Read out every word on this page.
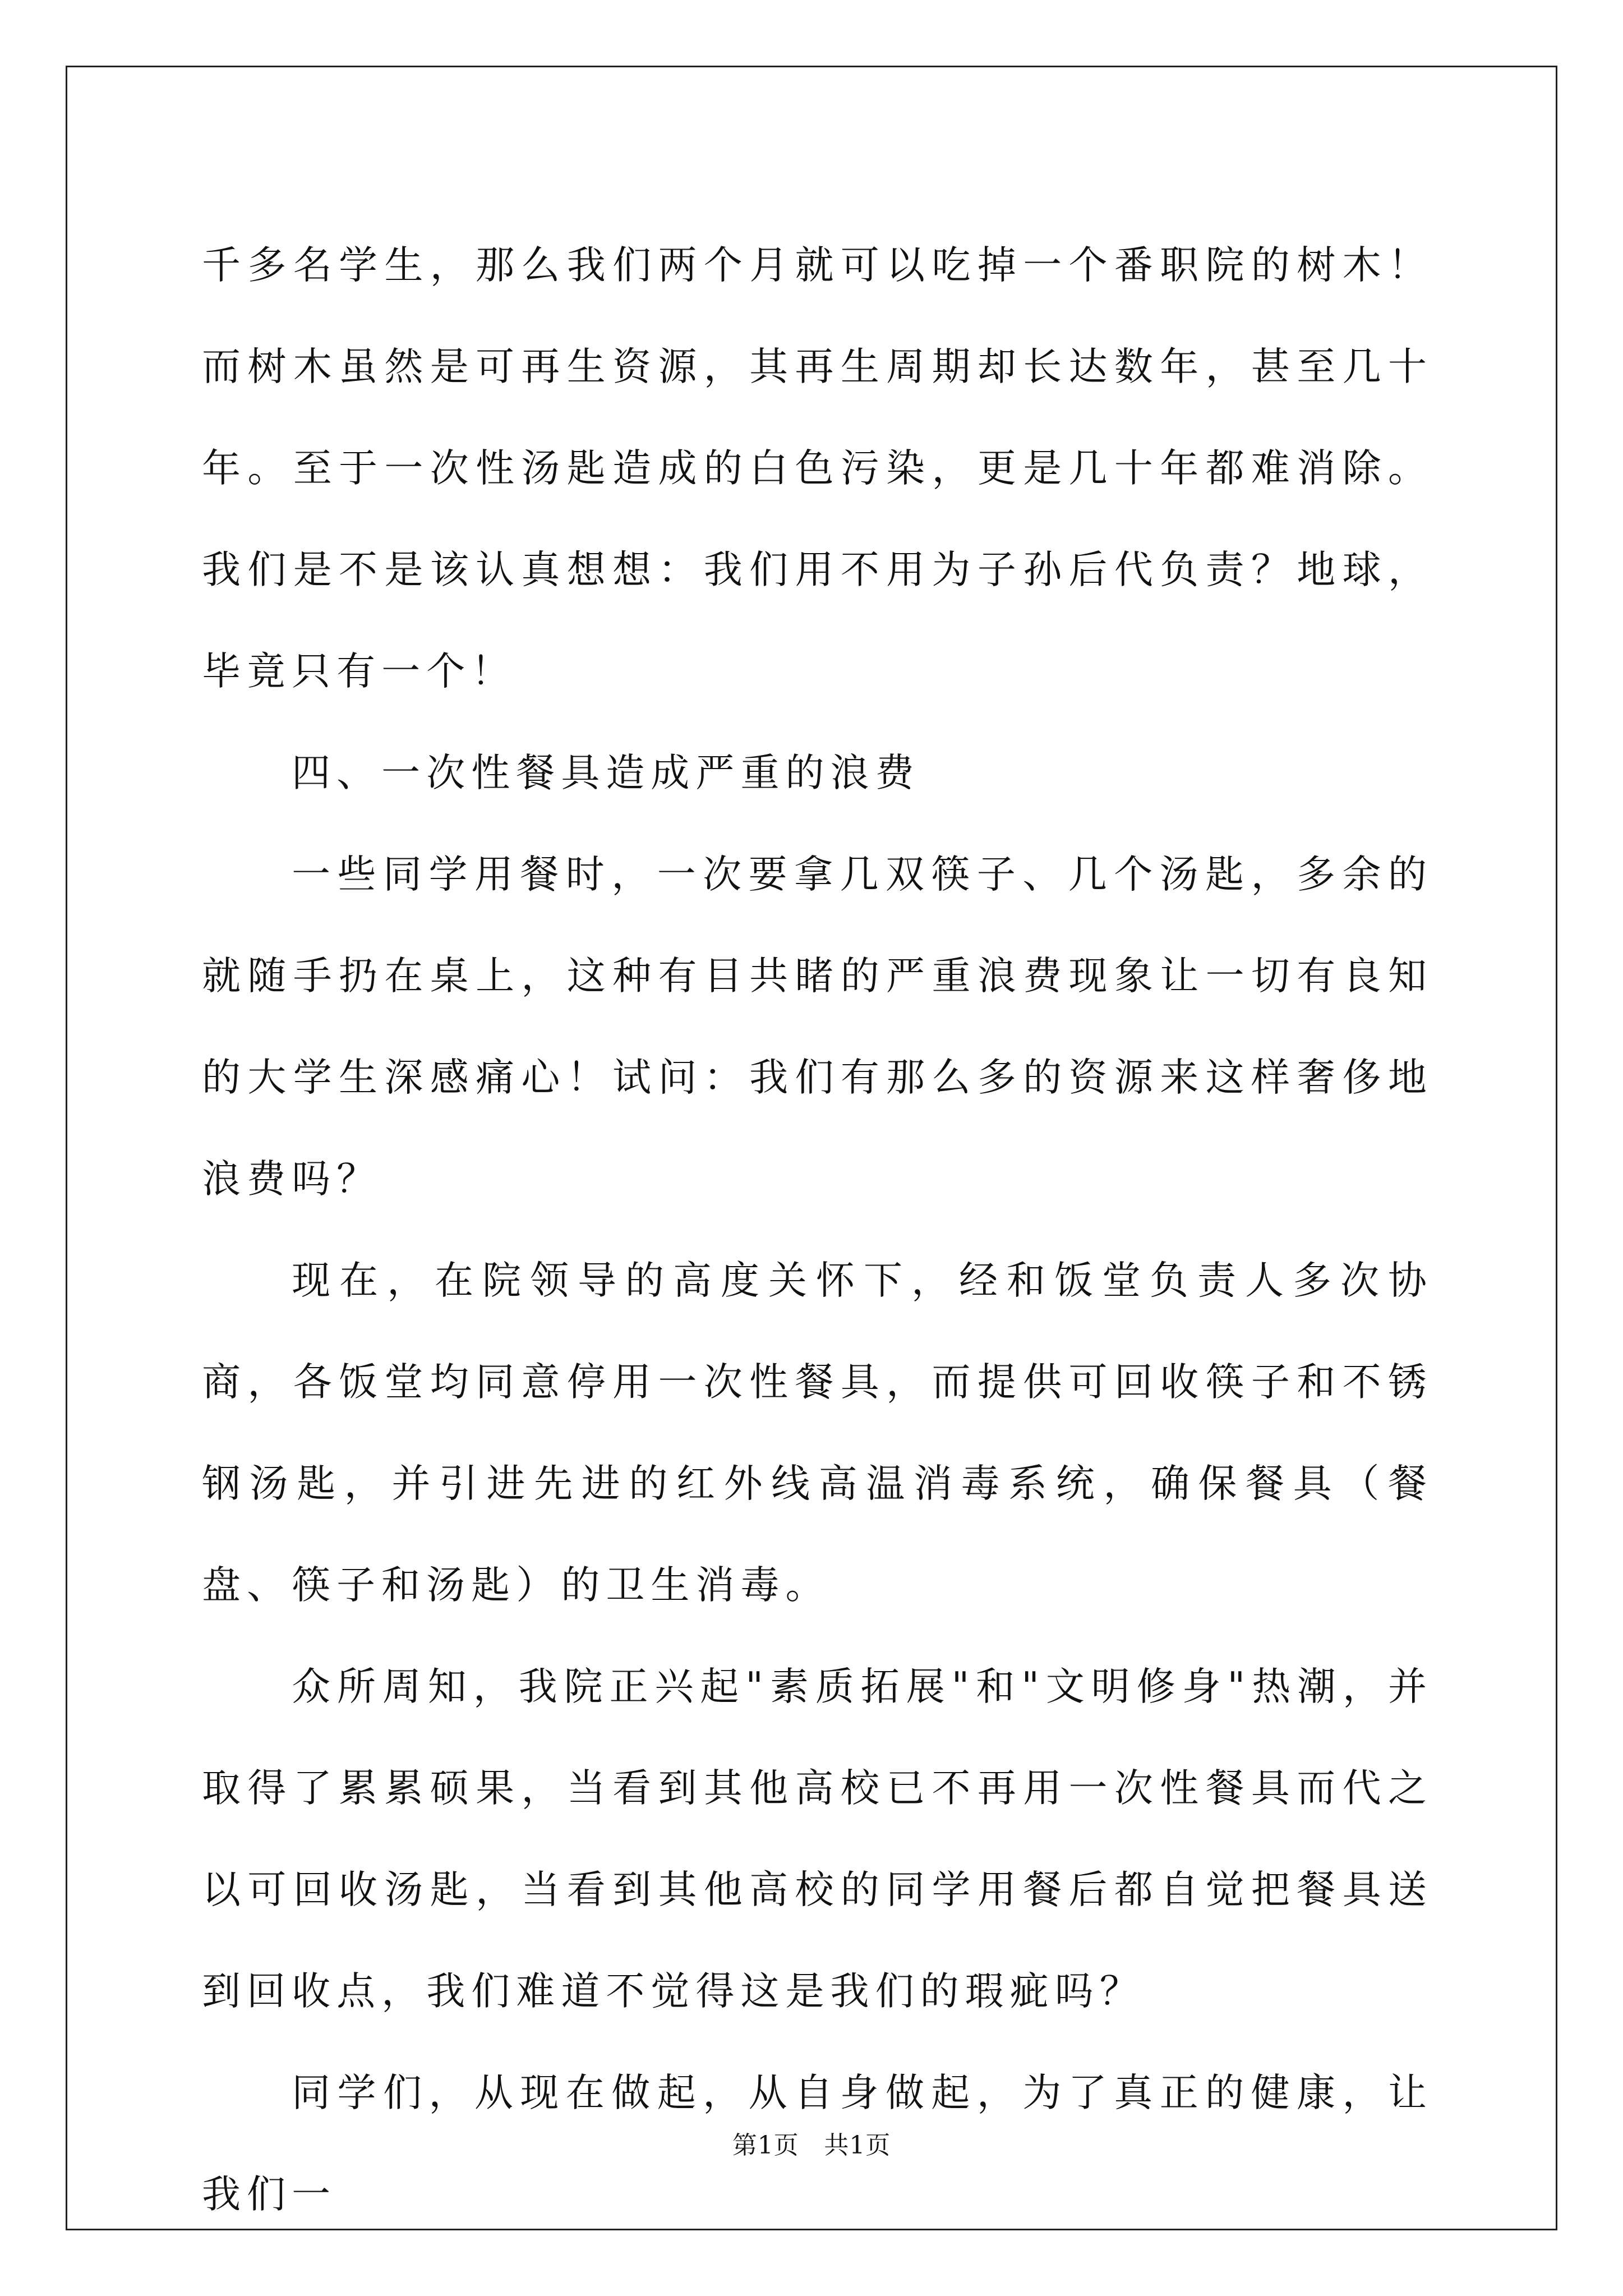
千多名学生，那么我们两个月就可以吃掉一个番职院的树木！而树木虽然是可再生资源，其再生周期却长达数年，甚至几十年。至于一次性汤匙造成的白色污染，更是几十年都难消除。我们是不是该认真想想：我们用不用为子孙后代负责？地球，毕竟只有一个！

四、一次性餐具造成严重的浪费

一些同学用餐时，一次要拿几双筷子、几个汤匙，多余的就随手扔在桌上，这种有目共睹的严重浪费现象让一切有良知的大学生深感痛心！试问：我们有那么多的资源来这样奢侈地浪费吗？

现在，在院领导的高度关怀下，经和饭堂负责人多次协商，各饭堂均同意停用一次性餐具，而提供可回收筷子和不锈钢汤匙，并引进先进的红外线高温消毒系统，确保餐具（餐盘、筷子和汤匙）的卫生消毒。

众所周知，我院正兴起"素质拓展"和"文明修身"热潮，并取得了累累硕果，当看到其他高校已不再用一次性餐具而代之以可回收汤匙，当看到其他高校的同学用餐后都自觉把餐具送到回收点，我们难道不觉得这是我们的瑕疵吗？

同学们，从现在做起，从自身做起，为了真正的健康，让我们一

第1页　共1页
